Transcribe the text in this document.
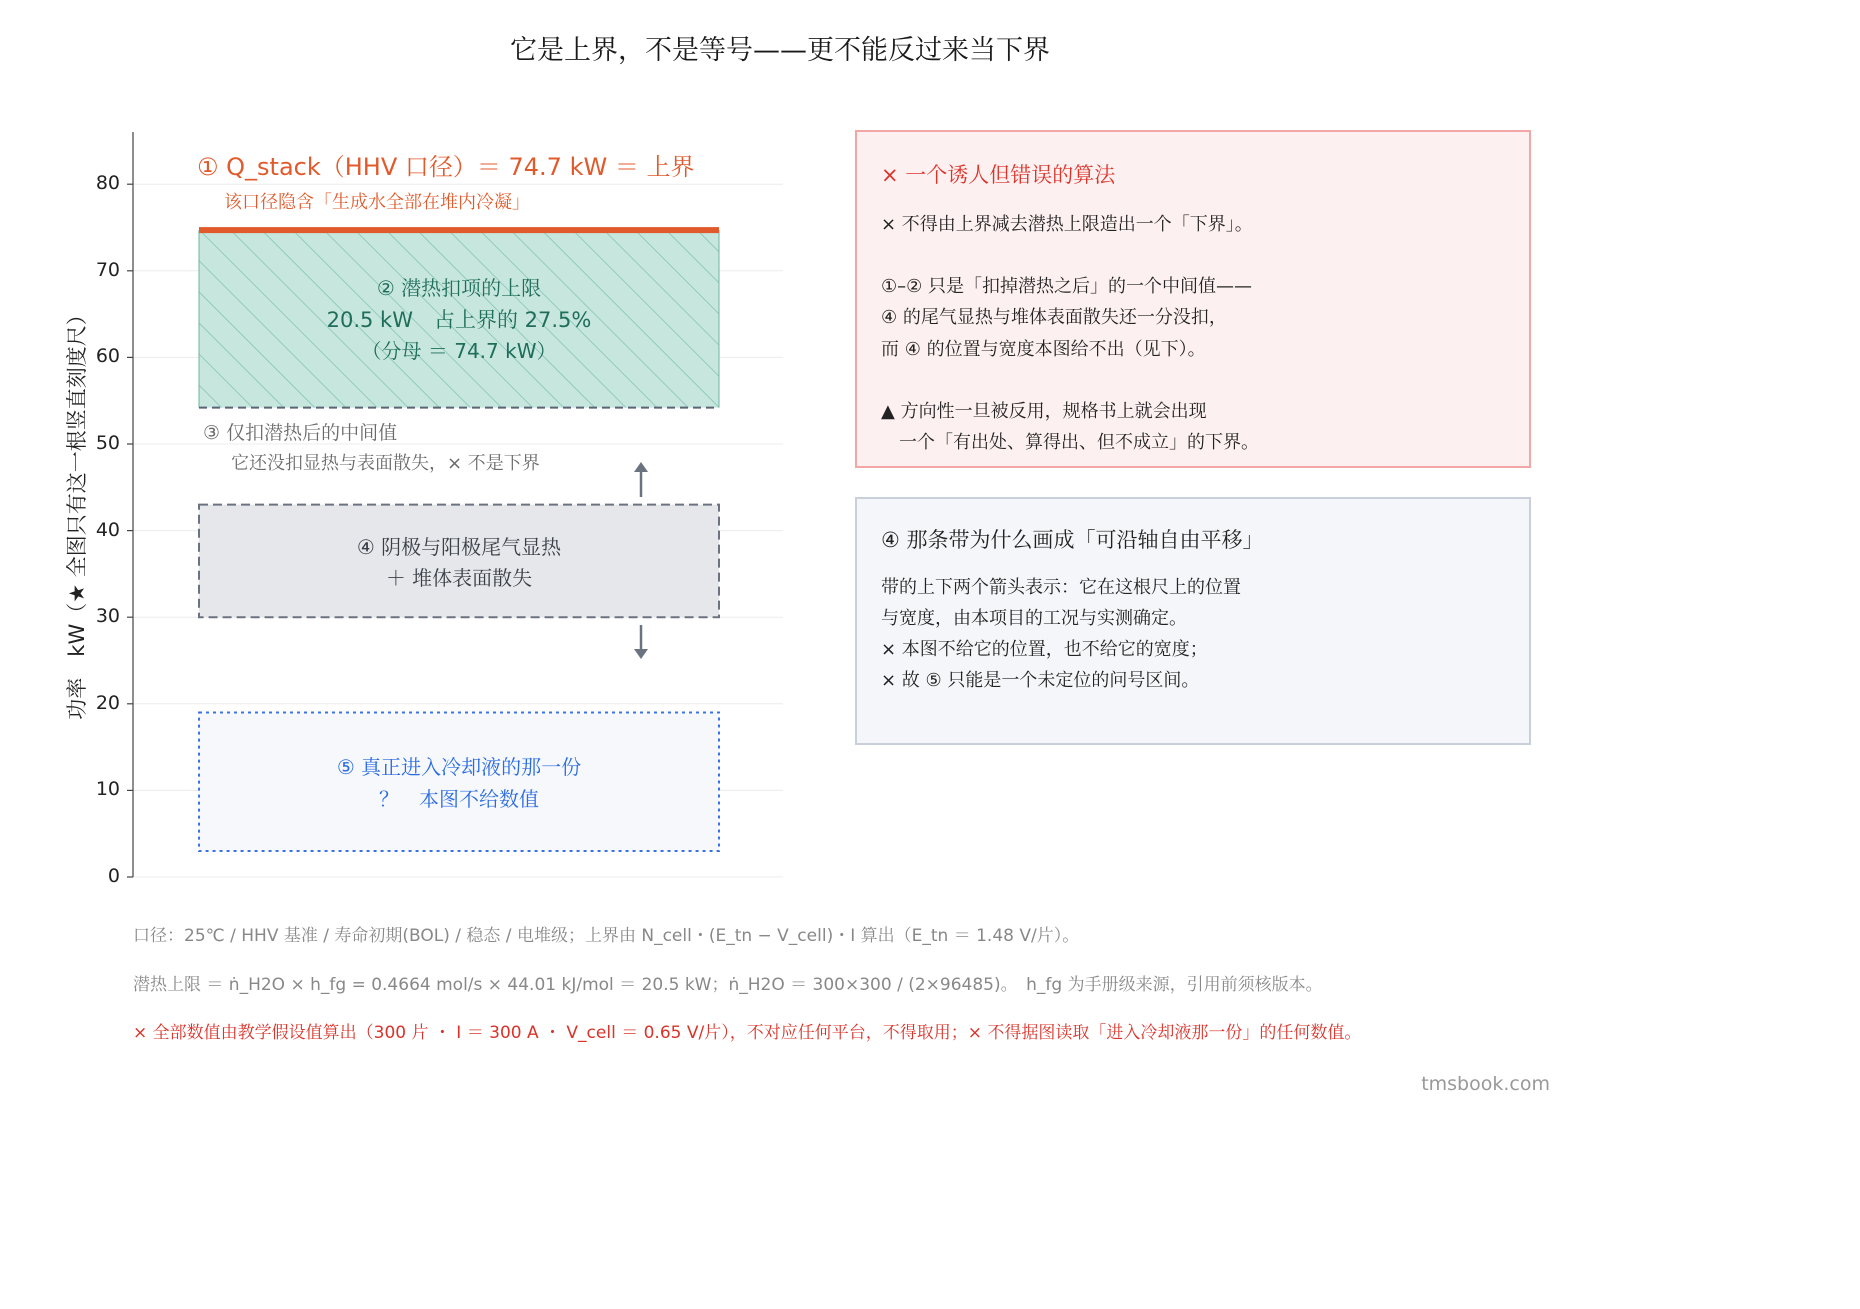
它是上界，不是等号——更不能反过来当下界
功率　kW（★ 全图只有这一根竖直刻度尺）
0
10
20
30
40
50
60
70
80
① Q_stack（HHV 口径）＝ 74.7 kW ＝ 上界
该口径隐含「生成水全部在堆内冷凝」
② 潜热扣项的上限
20.5 kW　占上界的 27.5%
（分母 ＝ 74.7 kW）
③ 仅扣潜热后的中间值
它还没扣显热与表面散失，× 不是下界
④ 阴极与阳极尾气显热
＋ 堆体表面散失
⑤ 真正进入冷却液的那一份
？　本图不给数值
× 一个诱人但错误的算法
× 不得由上界减去潜热上限造出一个「下界」。
①–② 只是「扣掉潜热之后」的一个中间值——
④ 的尾气显热与堆体表面散失还一分没扣，
而 ④ 的位置与宽度本图给不出（见下）。
▲ 方向性一旦被反用，规格书上就会出现
　一个「有出处、算得出、但不成立」的下界。
④ 那条带为什么画成「可沿轴自由平移」
带的上下两个箭头表示：它在这根尺上的位置
与宽度，由本项目的工况与实测确定。
× 本图不给它的位置，也不给它的宽度；
× 故 ⑤ 只能是一个未定位的问号区间。
口径：25℃ / HHV 基准 / 寿命初期(BOL) / 稳态 / 电堆级；上界由 N_cell・(E_tn − V_cell)・I 算出（E_tn ＝ 1.48 V/片）。
潜热上限 ＝ ṅ_H2O × h_fg = 0.4664 mol/s × 44.01 kJ/mol ＝ 20.5 kW；ṅ_H2O ＝ 300×300 / (2×96485)。　h_fg 为手册级来源，引用前须核版本。
× 全部数值由教学假设值算出（300 片 ・ I ＝ 300 A ・ V_cell ＝ 0.65 V/片），不对应任何平台，不得取用；× 不得据图读取「进入冷却液那一份」的任何数值。
tmsbook.com
